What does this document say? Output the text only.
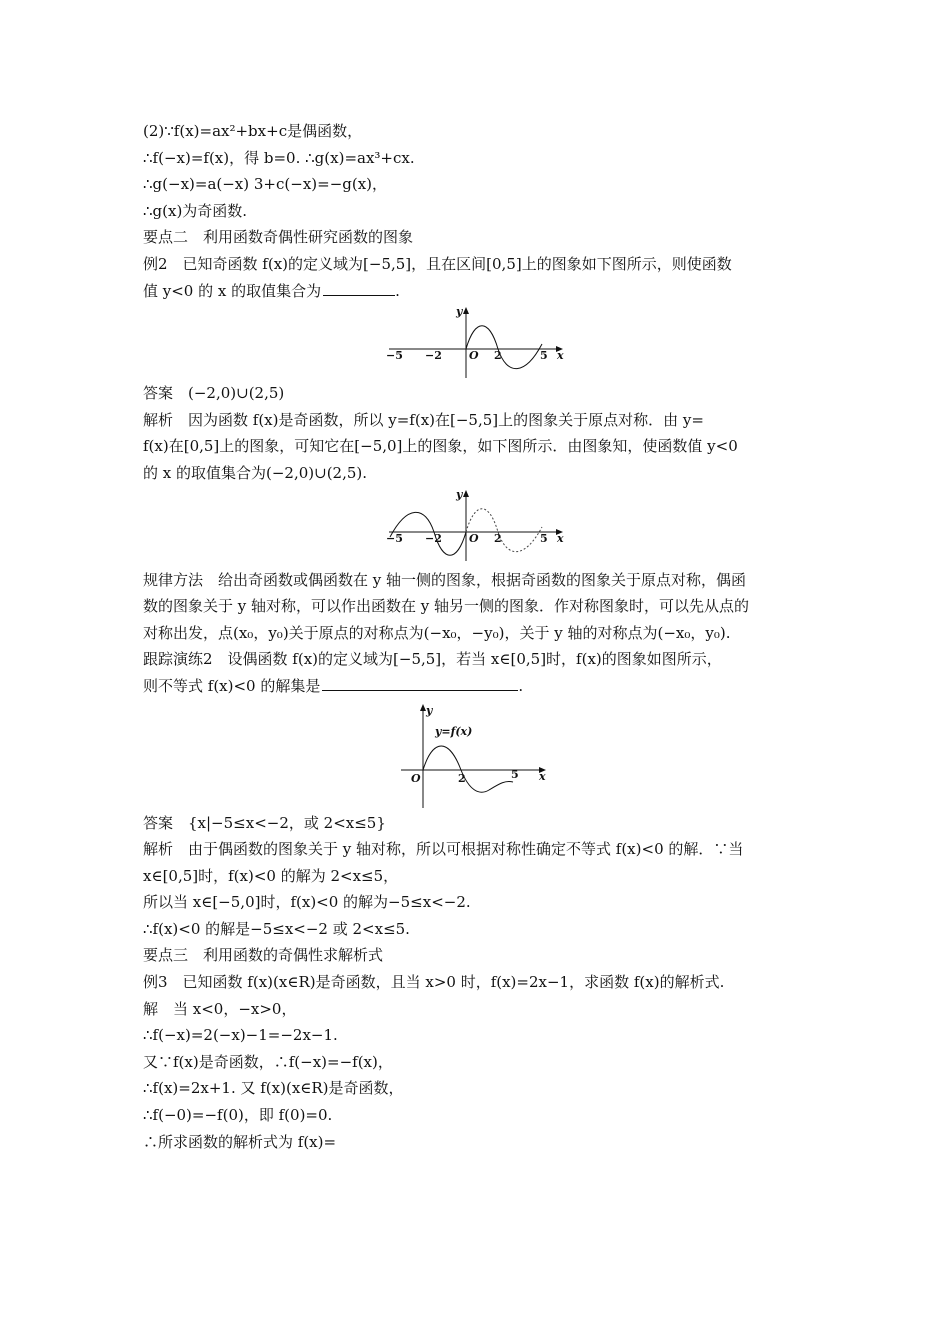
(2)∵f(x)=ax²+bx+c是偶函数，
∴f(−x)=f(x)，得 b=0. ∴g(x)=ax³+cx.
∴g(−x)=a(−x) 3+c(−x)=−g(x)，
∴g(x)为奇函数.
要点二　利用函数奇偶性研究函数的图象
例2　已知奇函数 f(x)的定义域为[−5,5]，且在区间[0,5]上的图象如下图所示，则使函数
值 y<0 的 x 的取值集合为	.
y
x
−5 −2 O 2	5
答案　(−2,0)∪(2,5)
解析　因为函数 f(x)是奇函数，所以 y=f(x)在[−5,5]上的图象关于原点对称．由 y=
f(x)在[0,5]上的图象，可知它在[−5,0]上的图象，如下图所示．由图象知，使函数值 y<0
的 x 的取值集合为(−2,0)∪(2,5).
y
x
−5 −2 O 2	5
规律方法　给出奇函数或偶函数在 y 轴一侧的图象，根据奇函数的图象关于原点对称，偶函
数的图象关于 y 轴对称，可以作出函数在 y 轴另一侧的图象．作对称图象时，可以先从点的
对称出发，点(x₀，y₀)关于原点的对称点为(−x₀，−y₀)，关于 y 轴的对称点为(−x₀，y₀).
跟踪演练2　设偶函数 f(x)的定义域为[−5,5]，若当 x∈[0,5]时，f(x)的图象如图所示，
则不等式 f(x)<0 的解集是	.
y
y=f(x)
x
O	2	5
答案　{x|−5≤x<−2，或 2<x≤5}
解析　由于偶函数的图象关于 y 轴对称，所以可根据对称性确定不等式 f(x)<0 的解．∵当
x∈[0,5]时，f(x)<0 的解为 2<x≤5，
所以当 x∈[−5,0]时，f(x)<0 的解为−5≤x<−2.
∴f(x)<0 的解是−5≤x<−2 或 2<x≤5.
要点三　利用函数的奇偶性求解析式
例3　已知函数 f(x)(x∈R)是奇函数，且当 x>0 时，f(x)=2x−1，求函数 f(x)的解析式.
解　当 x<0，−x>0，
∴f(−x)=2(−x)−1=−2x−1.
又∵f(x)是奇函数，∴f(−x)=−f(x)，
∴f(x)=2x+1. 又 f(x)(x∈R)是奇函数，
∴f(−0)=−f(0)，即 f(0)=0.
∴所求函数的解析式为 f(x)=
